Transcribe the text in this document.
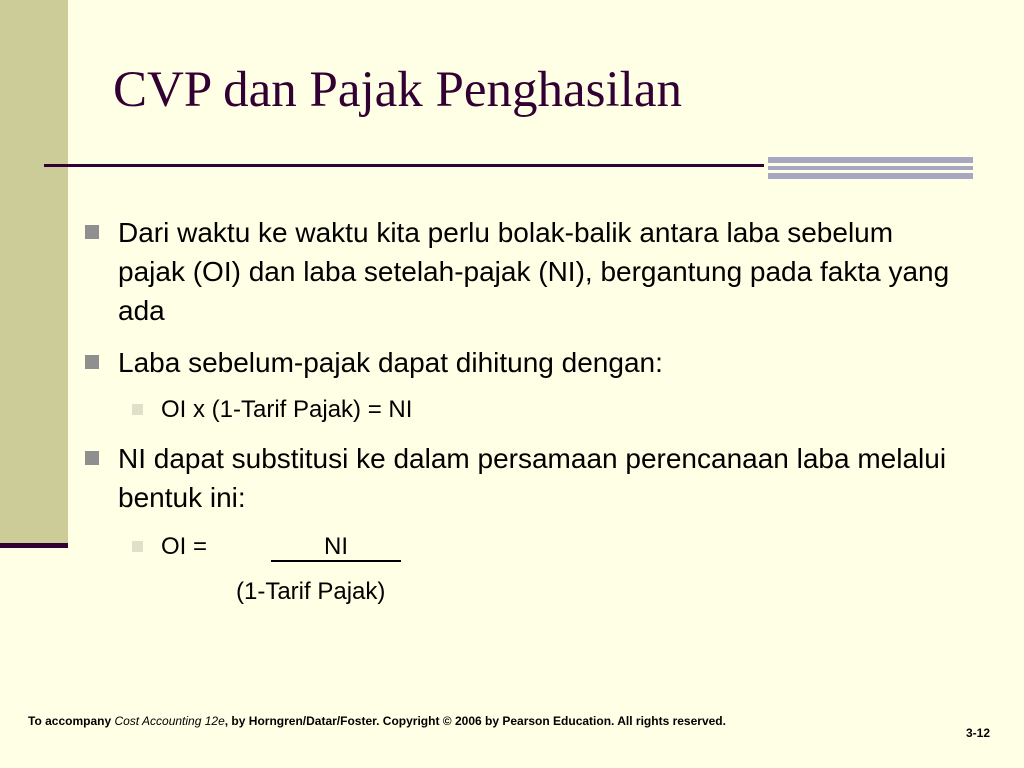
CVP dan Pajak Penghasilan
Dari waktu ke waktu kita perlu bolak-balik antara laba sebelum pajak (OI) dan laba setelah-pajak (NI), bergantung pada fakta yang ada
Laba sebelum-pajak dapat dihitung dengan:
OI x (1-Tarif Pajak) = NI
NI dapat substitusi ke dalam persamaan perencanaan laba melalui bentuk ini:
OI =	NI
(1-Tarif Pajak)
To accompany Cost Accounting 12e, by Horngren/Datar/Foster. Copyright © 2006 by Pearson Education. All rights reserved.
3-12
